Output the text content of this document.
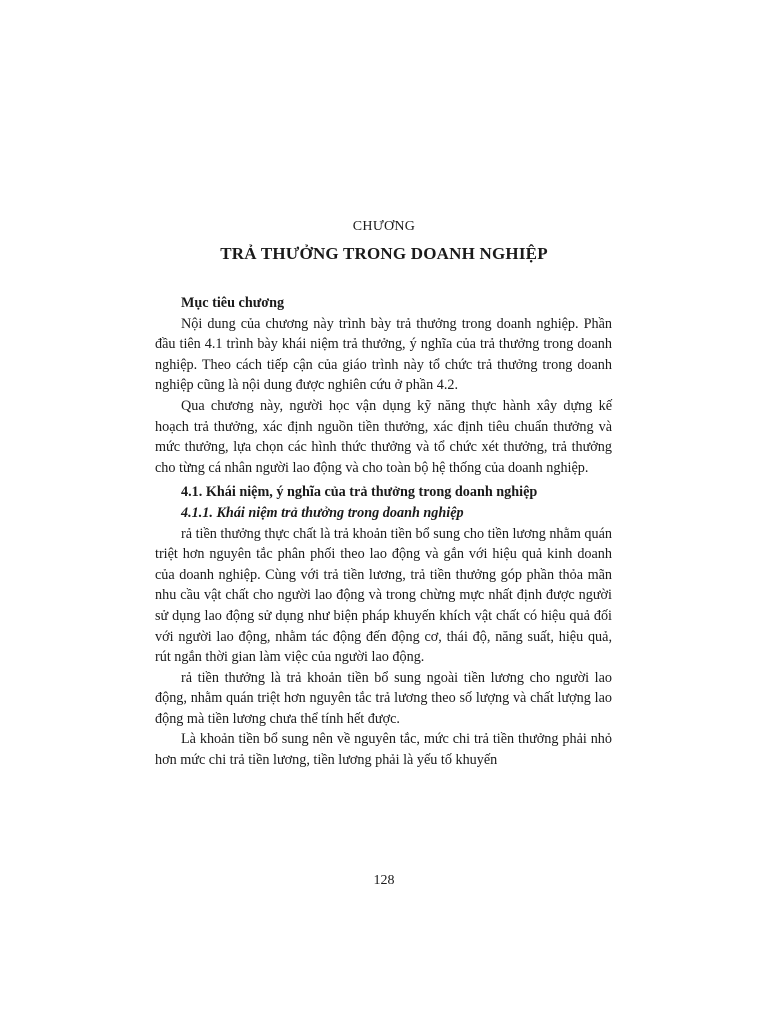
CHƯƠNG
TRẢ THƯỞNG TRONG DOANH NGHIỆP
Mục tiêu chương

Nội dung của chương này trình bày trả thưởng trong doanh nghiệp. Phần đầu tiên 4.1 trình bày khái niệm trả thưởng, ý nghĩa của trả thưởng trong doanh nghiệp. Theo cách tiếp cận của giáo trình này tổ chức trả thưởng trong doanh nghiệp cũng là nội dung được nghiên cứu ở phần 4.2.

Qua chương này, người học vận dụng kỹ năng thực hành xây dựng kế hoạch trả thưởng, xác định nguồn tiền thưởng, xác định tiêu chuẩn thưởng và mức thưởng, lựa chọn các hình thức thưởng và tổ chức xét thưởng, trả thưởng cho từng cá nhân người lao động và cho toàn bộ hệ thống của doanh nghiệp.

4.1. Khái niệm, ý nghĩa của trả thưởng trong doanh nghiệp
4.1.1. Khái niệm trả thưởng trong doanh nghiệp

rả tiền thưởng thực chất là trả khoản tiền bổ sung cho tiền lương nhằm quán triệt hơn nguyên tắc phân phối theo lao động và gắn với hiệu quả kinh doanh của doanh nghiệp. Cùng với trả tiền lương, trả tiền thưởng góp phần thỏa mãn nhu cầu vật chất cho người lao động và trong chừng mực nhất định được người sử dụng lao động sử dụng như biện pháp khuyến khích vật chất có hiệu quả đối với người lao động, nhằm tác động đến động cơ, thái độ, năng suất, hiệu quả, rút ngắn thời gian làm việc của người lao động.

rả tiền thưởng là trả khoản tiền bổ sung ngoài tiền lương cho người lao động, nhằm quán triệt hơn nguyên tắc trả lương theo số lượng và chất lượng lao động mà tiền lương chưa thể tính hết được.

Là khoản tiền bổ sung nên về nguyên tắc, mức chi trả tiền thưởng phải nhỏ hơn mức chi trả tiền lương, tiền lương phải là yếu tố khuyến

128
